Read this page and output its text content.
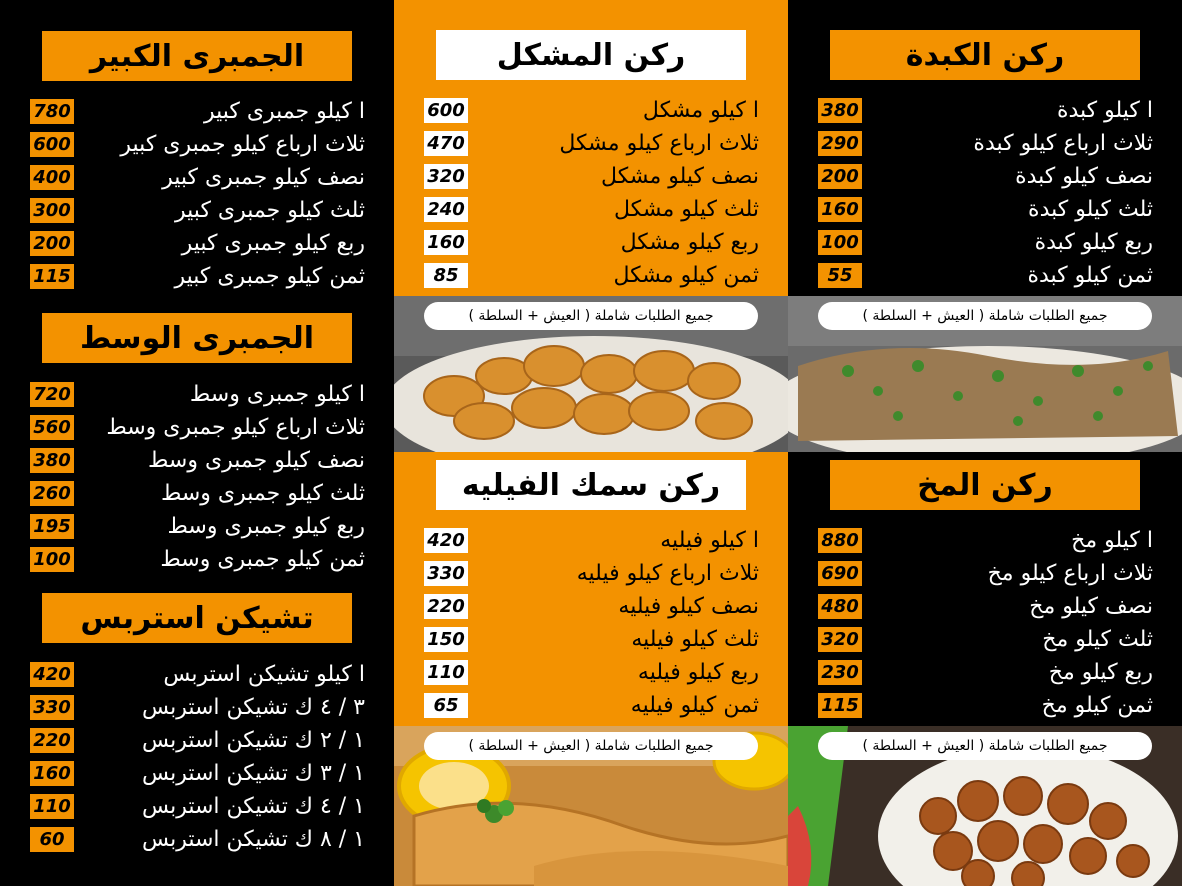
الجمبرى الكبير
780	ا كيلو جمبرى كبير
600 ثلاث ارباع كيلو جمبرى كبير
400	نصف كيلو جمبرى كبير
300	ثلث كيلو جمبرى كبير
200	ربع كيلو جمبرى كبير
115	ثمن كيلو جمبرى كبير
الجمبرى الوسط
720	ا كيلو جمبرى وسط
560 ثلاث ارباع كيلو جمبرى وسط
380	نصف كيلو جمبرى وسط
260	ثلث كيلو جمبرى وسط
195	ربع كيلو جمبرى وسط
100	ثمن كيلو جمبرى وسط
تشيكن استربس
420	ا كيلو تشيكن استربس
330	٣ / ٤ ك تشيكن استربس
220	١ / ٢ ك تشيكن استربس
160	١ / ٣ ك تشيكن استربس
110	١ / ٤ ك تشيكن استربس
60	١ / ٨ ك تشيكن استربس
ركن المشكل
600	ا كيلو مشكل
470	ثلاث ارباع كيلو مشكل
320	نصف كيلو مشكل
240	ثلث كيلو مشكل
160	ربع كيلو مشكل
85	ثمن كيلو مشكل
جميع الطلبات شاملة ( العيش + السلطة )
ركن سمك الفيليه
420	ا كيلو فيليه
330	ثلاث ارباع كيلو فيليه
220	نصف كيلو فيليه
150	ثلث كيلو فيليه
110	ربع كيلو فيليه
65	ثمن كيلو فيليه
جميع الطلبات شاملة ( العيش + السلطة )
ركن الكبدة
380	ا كيلو كبدة
290	ثلاث ارباع كيلو كبدة
200	نصف كيلو كبدة
160	ثلث كيلو كبدة
100	ربع كيلو كبدة
55	ثمن كيلو كبدة
جميع الطلبات شاملة ( العيش + السلطة )
ركن المخ
880	ا كيلو مخ
690	ثلاث ارباع كيلو مخ
480	نصف كيلو مخ
320	ثلث كيلو مخ
230	ربع كيلو مخ
115	ثمن كيلو مخ
جميع الطلبات شاملة ( العيش + السلطة )
